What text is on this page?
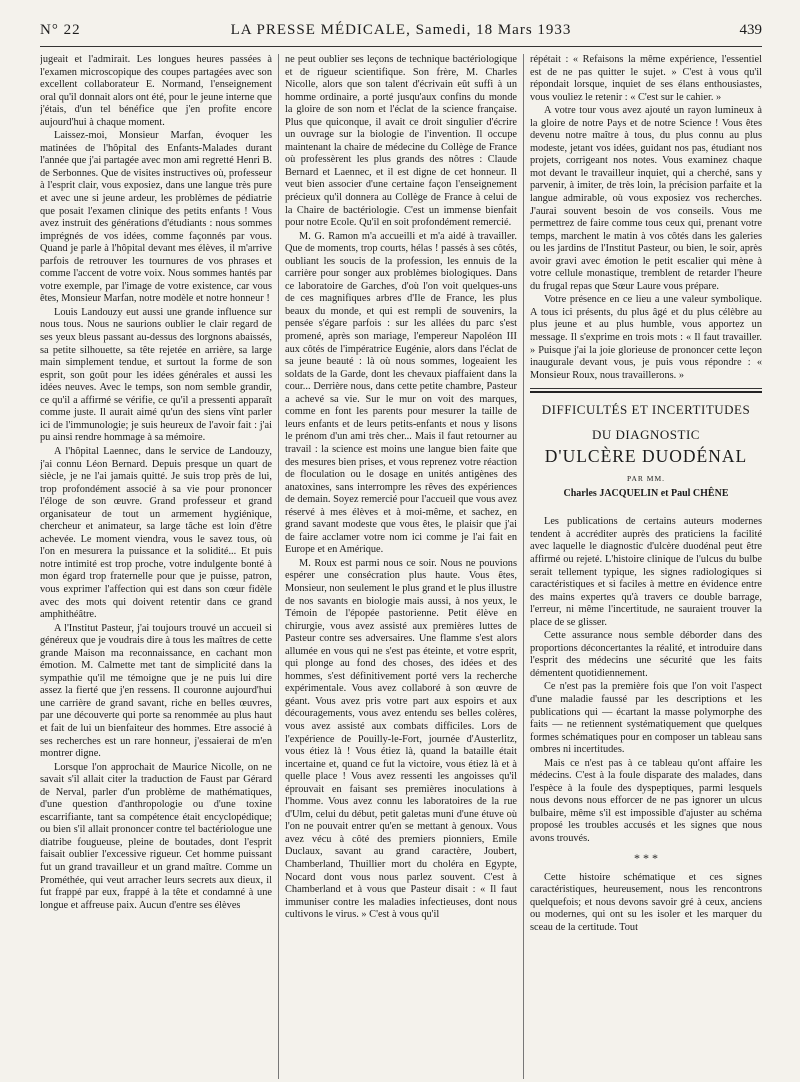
N° 22	LA PRESSE MÉDICALE, Samedi, 18 Mars 1933	439

jugeait et l'admirait. Les longues heures passées à l'examen microscopique des coupes partagées avec son excellent collaborateur E. Normand, l'enseignement oral qu'il donnait alors ont été, pour le jeune interne que j'étais, d'un tel bénéfice que j'en profite encore aujourd'hui à chaque moment.

Laissez-moi, Monsieur Marfan, évoquer les matinées de l'hôpital des Enfants-Malades durant l'année que j'ai partagée avec mon ami regretté Henri B. de Serbonnes. Que de visites instructives où, professeur à l'esprit clair, vous exposiez, dans une langue très pure et avec une si jeune ardeur, les problèmes de pédiatrie que posait l'examen clinique des petits enfants ! Vous avez instruit des générations d'étudiants : nous sommes imprégnés de vos idées, comme façonnés par vous. Quand je parle à l'hôpital devant mes élèves, il m'arrive parfois de retrouver les tournures de vos phrases et comme l'accent de votre voix. Nous sommes hantés par votre exemple, par l'image de votre existence, car vous êtes, Monsieur Marfan, notre modèle et notre honneur !

Louis Landouzy eut aussi une grande influence sur nous tous. Nous ne saurions oublier le clair regard de ses yeux bleus passant au-dessus des lorgnons abaissés, sa petite silhouette, sa tête rejetée en arrière, sa large main simplement tendue, et surtout la forme de son esprit, son goût pour les idées générales et aussi les idées neuves. Avec le temps, son nom semble grandir, ce qu'il a affirmé se vérifie, ce qu'il a pressenti apparaît comme juste. Il aurait aimé qu'un des siens vînt parler ici de l'immunologie; je suis heureux de l'avoir fait : j'ai pu ainsi rendre hommage à sa mémoire.

A l'hôpital Laennec, dans le service de Landouzy, j'ai connu Léon Bernard. Depuis presque un quart de siècle, je ne l'ai jamais quitté. Je suis trop près de lui, trop profondément associé à sa vie pour prononcer l'éloge de son œuvre. Grand professeur et grand organisateur de tout un armement hygiénique, chercheur et animateur, sa large tâche est loin d'être achevée. Le moment viendra, vous le savez tous, où l'on en mesurera la puissance et la solidité... Et puis notre intimité est trop proche, votre indulgente bonté à mon égard trop fraternelle pour que je puisse, patron, vous exprimer l'affection qui est dans son cœur fidèle avec des mots qui doivent retentir dans ce grand amphithéâtre.

A l'Institut Pasteur, j'ai toujours trouvé un accueil si généreux que je voudrais dire à tous les maîtres de cette grande Maison ma reconnaissance, en cachant mon émotion. M. Calmette met tant de simplicité dans la sympathie qu'il me témoigne que je ne puis lui dire assez la fierté que j'en ressens. Il couronne aujourd'hui une carrière de grand savant, riche en belles œuvres, par une découverte qui porte sa renommée au plus haut et fait de lui un bienfaiteur des hommes. Etre associé à ses recherches est un rare honneur, j'essaierai de m'en montrer digne.

Lorsque l'on approchait de Maurice Nicolle, on ne savait s'il allait citer la traduction de Faust par Gérard de Nerval, parler d'un problème de mathématiques, d'une question d'anthropologie ou d'une toxine escarrifiante, tant sa compétence était encyclopédique; ou bien s'il allait prononcer contre tel bactériologue une diatribe fougueuse, pleine de boutades, dont l'esprit faisait oublier l'excessive rigueur. Cet homme puissant fut un grand travailleur et un grand maître. Comme un Prométhée, qui veut arracher leurs secrets aux dieux, il fut frappé par eux, frappé à la tête et condamné à une longue et affreuse paix. Aucun d'entre ses élèves

ne peut oublier ses leçons de technique bactériologique et de rigueur scientifique. Son frère, M. Charles Nicolle, alors que son talent d'écrivain eût suffi à un homme ordinaire, a porté jusqu'aux confins du monde la gloire de son nom et l'éclat de la science française. Plus que quiconque, il avait ce droit singulier d'écrire un ouvrage sur la biologie de l'invention. Il occupe maintenant la chaire de médecine du Collège de France où professèrent les plus grands des nôtres : Claude Bernard et Laennec, et il est digne de cet honneur. Il veut bien associer d'une certaine façon l'enseignement précieux qu'il donnera au Collège de France à celui de la Chaire de bactériologie. C'est un immense bienfait pour notre Ecole. Qu'il en soit profondément remercié.

M. G. Ramon m'a accueilli et m'a aidé à travailler. Que de moments, trop courts, hélas ! passés à ses côtés, oubliant les soucis de la profession, les ennuis de la carrière pour songer aux problèmes biologiques. Dans ce laboratoire de Garches, d'où l'on voit quelques-uns de ces magnifiques arbres d'Ile de France, les plus beaux du monde, et qui est rempli de souvenirs, la pensée s'égare parfois : sur les allées du parc s'est promené, après son mariage, l'empereur Napoléon III aux côtés de l'impératrice Eugénie, alors dans l'éclat de sa jeune beauté : là où nous sommes, logeaient les soldats de la Garde, dont les chevaux piaffaient dans la cour... Derrière nous, dans cette petite chambre, Pasteur a achevé sa vie. Sur le mur on voit des marques, comme en font les parents pour mesurer la taille de leurs enfants et de leurs petits-enfants et nous y lisons le prénom d'un ami très cher... Mais il faut retourner au travail : la science est moins une langue bien faite que des mesures bien prises, et vous reprenez votre réaction de floculation ou le dosage en unités antigènes des anatoxines, sans interrompre les rêves des expériences de demain. Soyez remercié pour l'accueil que vous avez réservé à mes élèves et à moi-même, et sachez, en grand savant modeste que vous êtes, le plaisir que j'ai de faire acclamer votre nom ici comme je l'ai fait en Europe et en Amérique.

M. Roux est parmi nous ce soir. Nous ne pouvions espérer une consécration plus haute. Vous êtes, Monsieur, non seulement le plus grand et le plus illustre de nos savants en biologie mais aussi, à nos yeux, le Témoin de l'épopée pastorienne. Petit élève en chirurgie, vous avez assisté aux premières luttes de Pasteur contre ses adversaires. Une flamme s'est alors allumée en vous qui ne s'est pas éteinte, et votre esprit, qui plonge au fond des choses, des idées et des hommes, s'est définitivement porté vers la recherche expérimentale. Vous avez collaboré à son œuvre de géant. Vous avez pris votre part aux espoirs et aux découragements, vous avez entendu ses belles colères, vous avez assisté aux combats difficiles. Lors de l'expérience de Pouilly-le-Fort, journée d'Austerlitz, vous étiez là ! Vous étiez là, quand la bataille était incertaine et, quand ce fut la victoire, vous étiez là et à quelle place ! Vous avez ressenti les angoisses qu'il éprouvait en faisant ses premières inoculations à l'homme. Vous avez connu les laboratoires de la rue d'Ulm, celui du début, petit galetas muni d'une étuve où l'on ne pouvait entrer qu'en se mettant à genoux. Vous avez vécu à côté des premiers pionniers, Emile Duclaux, savant au grand caractère, Joubert, Chamberland, Thuillier mort du choléra en Egypte, Nocard dont vous nous parlez souvent. C'est à Chamberland et à vous que Pasteur disait : « Il faut immuniser contre les maladies infectieuses, dont nous cultivons le virus. » C'est à vous qu'il

répétait : « Refaisons la même expérience, l'essentiel est de ne pas quitter le sujet. » C'est à vous qu'il répondait lorsque, inquiet de ses élans enthousiastes, vous vouliez le retenir : « C'est sur le cahier. »

A votre tour vous avez ajouté un rayon lumineux à la gloire de notre Pays et de notre Science ! Vous êtes devenu notre maître à tous, du plus connu au plus modeste, jetant vos idées, guidant nos pas, étudiant nos projets, corrigeant nos notes. Vous examinez chaque mot devant le travailleur inquiet, qui a cherché, sans y parvenir, à imiter, de très loin, la précision parfaite et la langue admirable, où vous exposiez vos recherches. J'aurai souvent besoin de vos conseils. Vous me permettrez de faire comme tous ceux qui, prenant votre temps, marchent le matin à vos côtés dans les galeries ou les jardins de l'Institut Pasteur, ou bien, le soir, après avoir gravi avec émotion le petit escalier qui mène à votre cellule monastique, tremblent de retarder l'heure du frugal repas que Sœur Laure vous prépare.

Votre présence en ce lieu a une valeur symbolique. A tous ici présents, du plus âgé et du plus célèbre au plus jeune et au plus humble, vous apportez un message. Il s'exprime en trois mots : « Il faut travailler. » Puisque j'ai la joie glorieuse de prononcer cette leçon inaugurale devant vous, je puis vous répondre : « Monsieur Roux, nous travaillerons. »

DIFFICULTÉS ET INCERTITUDES
DU DIAGNOSTIC
D'ULCÈRE DUODÉNAL
PAR MM.
Charles JACQUELIN et Paul CHÊNE

Les publications de certains auteurs modernes tendent à accréditer auprès des praticiens la facilité avec laquelle le diagnostic d'ulcère duodénal peut être affirmé ou rejeté. L'histoire clinique de l'ulcus du bulbe serait tellement typique, les signes radiologiques si caractéristiques et si faciles à mettre en évidence entre des mains expertes qu'à travers ce double barrage, l'erreur, ni même l'incertitude, ne sauraient trouver la place de se glisser.

Cette assurance nous semble déborder dans des proportions déconcertantes la réalité, et introduire dans l'esprit des médecins une sécurité que les faits démentent quotidiennement.

Ce n'est pas la première fois que l'on voit l'aspect d'une maladie faussé par les descriptions et les publications qui — écartant la masse polymorphe des faits — ne retiennent systématiquement que quelques formes schématiques pour en composer un tableau sans ombres ni incertitudes.

Mais ce n'est pas à ce tableau qu'ont affaire les médecins. C'est à la foule disparate des malades, dans l'espèce à la foule des dyspeptiques, parmi lesquels nous devons nous efforcer de ne pas ignorer un ulcus bulbaire, même s'il est impossible d'ajuster au schéma proposé les troubles accusés et les signes que nous avons trouvés.

* * *

Cette histoire schématique et ces signes caractéristiques, heureusement, nous les rencontrons quelquefois; et nous devons savoir gré à ceux, anciens ou modernes, qui ont su les isoler et les marquer du sceau de la certitude. Tout
